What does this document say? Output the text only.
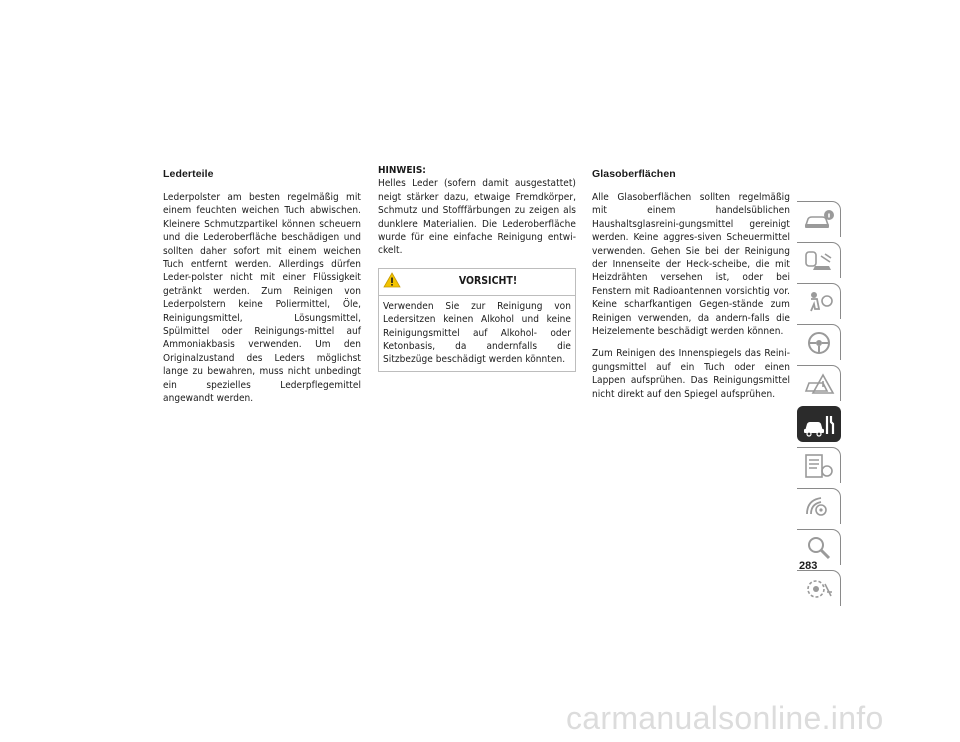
Lederteile

Lederpolster am besten regelmäßig mit einem feuchten weichen Tuch abwischen. Kleinere Schmutzpartikel können scheuern und die Lederoberfläche beschädigen und sollten daher sofort mit einem weichen Tuch entfernt werden. Allerdings dürfen Leder-polster nicht mit einer Flüssigkeit getränkt werden. Zum Reinigen von Lederpolstern keine Poliermittel, Öle, Reinigungsmittel, Lösungsmittel, Spülmittel oder Reinigungs-mittel auf Ammoniakbasis verwenden. Um den Originalzustand des Leders möglichst lange zu bewahren, muss nicht unbedingt ein spezielles Lederpflegemittel angewandt werden.

HINWEIS:

Helles Leder (sofern damit ausgestattet) neigt stärker dazu, etwaige Fremdkörper, Schmutz und Stofffärbungen zu zeigen als dunklere Materialien. Die Lederoberfläche wurde für eine einfache Reinigung entwi-ckelt.

VORSICHT!

Verwenden Sie zur Reinigung von Ledersitzen keinen Alkohol und keine Reinigungsmittel auf Alkohol- oder Ketonbasis, da andernfalls die Sitzbezüge beschädigt werden könnten.

Glasoberflächen

Alle Glasoberflächen sollten regelmäßig mit einem handelsüblichen Haushaltsglasreini-gungsmittel gereinigt werden. Keine aggres-siven Scheuermittel verwenden. Gehen Sie bei der Reinigung der Innenseite der Heck-scheibe, die mit Heizdrähten versehen ist, oder bei Fenstern mit Radioantennen vorsichtig vor. Keine scharfkantigen Gegen-stände zum Reinigen verwenden, da andern-falls die Heizelemente beschädigt werden können.

Zum Reinigen des Innenspiegels das Reini-gungsmittel auf ein Tuch oder einen Lappen aufsprühen. Das Reinigungsmittel nicht direkt auf den Spiegel aufsprühen.

283
carmanualsonline.info
